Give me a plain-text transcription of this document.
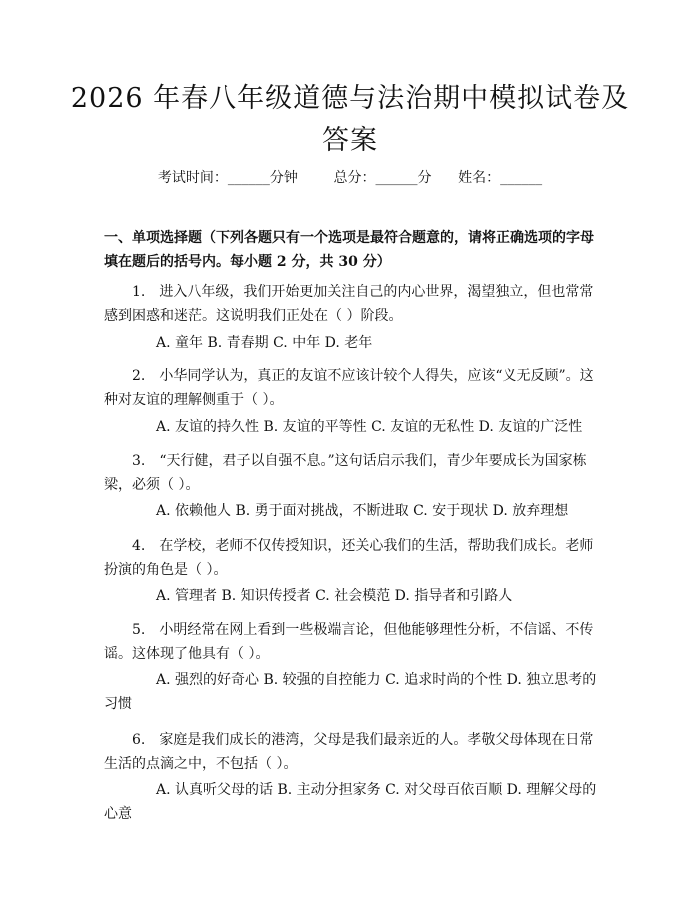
2026 年春八年级道德与法治期中模拟试卷及答案
考试时间：______分钟	总分：______分 姓名：______
一、单项选择题（下列各题只有一个选项是最符合题意的，请将正确选项的字母填在题后的括号内。每小题 2 分，共 30 分）
1.　进入八年级，我们开始更加关注自己的内心世界，渴望独立，但也常常感到困惑和迷茫。这说明我们正处在（ ）阶段。
A. 童年 B. 青春期 C. 中年 D. 老年
2.　小华同学认为，真正的友谊不应该计较个人得失，应该“义无反顾”。这种对友谊的理解侧重于（ ）。
A. 友谊的持久性 B. 友谊的平等性 C. 友谊的无私性 D. 友谊的广泛性
3.　“天行健，君子以自强不息。”这句话启示我们，青少年要成长为国家栋梁，必须（ ）。
A. 依赖他人 B. 勇于面对挑战，不断进取 C. 安于现状 D. 放弃理想
4.　在学校，老师不仅传授知识，还关心我们的生活，帮助我们成长。老师扮演的角色是（ ）。
A. 管理者 B. 知识传授者 C. 社会模范 D. 指导者和引路人
5.　小明经常在网上看到一些极端言论，但他能够理性分析，不信谣、不传谣。这体现了他具有（ ）。
A. 强烈的好奇心 B. 较强的自控能力 C. 追求时尚的个性 D. 独立思考的习惯
6.　家庭是我们成长的港湾，父母是我们最亲近的人。孝敬父母体现在日常生活的点滴之中，不包括（ ）。
A. 认真听父母的话 B. 主动分担家务 C. 对父母百依百顺 D. 理解父母的心意
